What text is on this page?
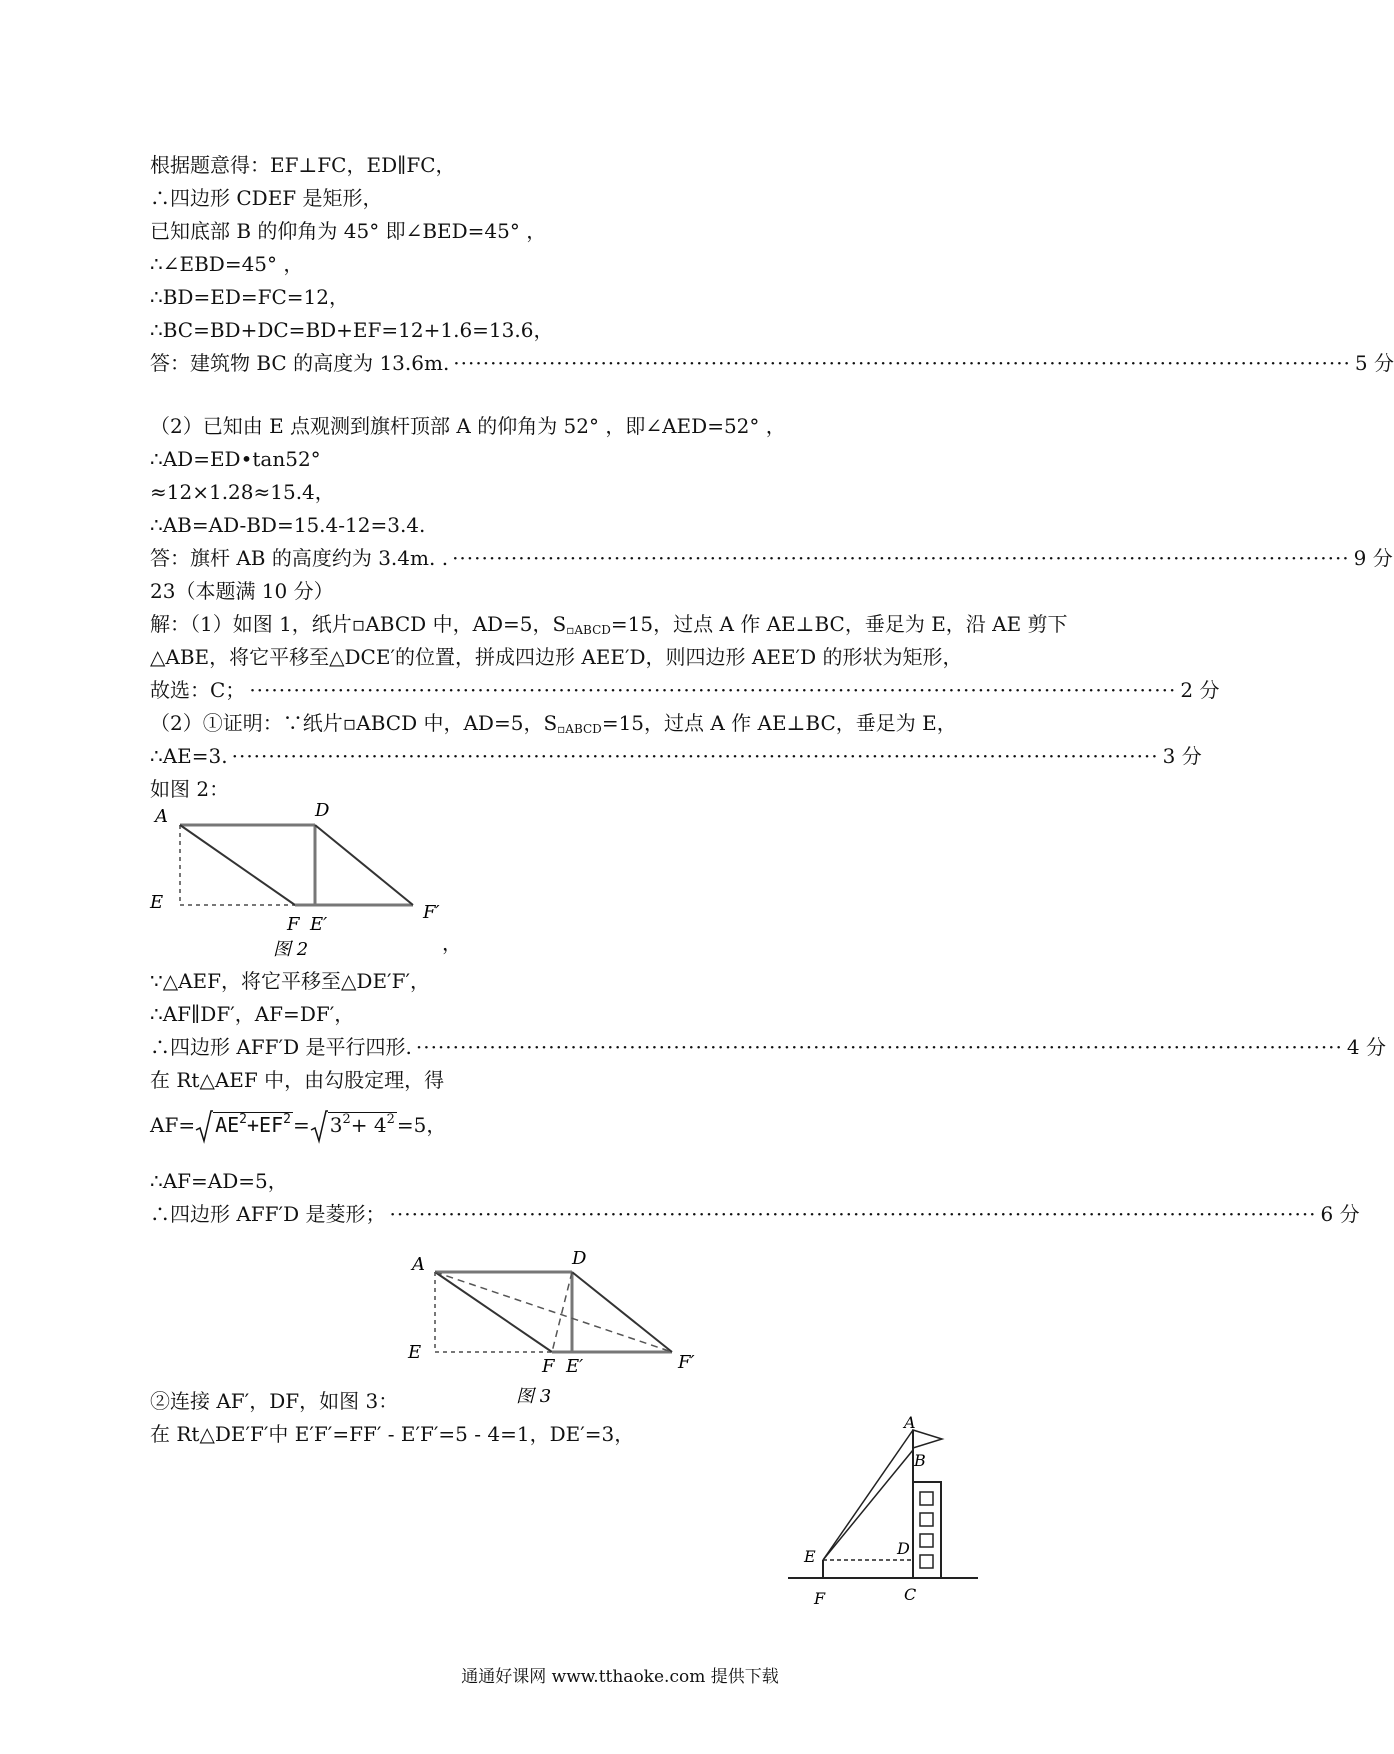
根据题意得：EF⊥FC，ED∥FC，
∴四边形 CDEF 是矩形，
已知底部 B 的仰角为 45° 即∠BED=45° ，
∴∠EBD=45° ，
∴BD=ED=FC=12，
∴BC=BD+DC=BD+EF=12+1.6=13.6，
答：建筑物 BC 的高度为 13.6m. ·························································································································· 5 分
（2）已知由 E 点观测到旗杆顶部 A 的仰角为 52° ，即∠AED=52° ，
∴AD=ED•tan52°
≈12×1.28≈15.4，
∴AB=AD-BD=15.4-12=3.4.
答：旗杆 AB 的高度约为 3.4m. . ·························································································································· 9 分
23（本题满 10 分）
解：（1）如图 1，纸片▫ABCD 中，AD=5，$S_{▫ABCD}=15$，过点 A 作 AE⊥BC，垂足为 E，沿 AE 剪下
△ABE，将它平移至△DCE′的位置，拼成四边形 AEE′D，则四边形 AEE′D 的形状为矩形，
故选：C； ······························································································································ 2 分
（2）①证明：∵纸片▫ABCD 中，AD=5，$S_{▫ABCD}=15$，过点 A 作 AE⊥BC，垂足为 E，
∴AE=3. ······························································································································ 3 分
如图 2：
A	D
E
F E′
F′
图 2	，
∵△AEF，将它平移至△DE′F′，
∴AF∥DF′，AF=DF′，
∴四边形 AFF′D 是平行四形. ······························································································································ 4 分
在 Rt△AEF 中，由勾股定理，得
$AF= AE^2+EF^2 = 3^2+ 4^2 =5$，
∴AF=AD=5，
∴四边形 AFF′D 是菱形； ······························································································································ 6 分
A	D
E
F E′	F′
图 3
②连接 AF′，DF，如图 3：
在 Rt△DE′F′中 E′F′=FF′ - E′F′=5 - 4=1，DE′=3，	A
B
D
E
F	C
通通好课网 www.tthaoke.com 提供下载
